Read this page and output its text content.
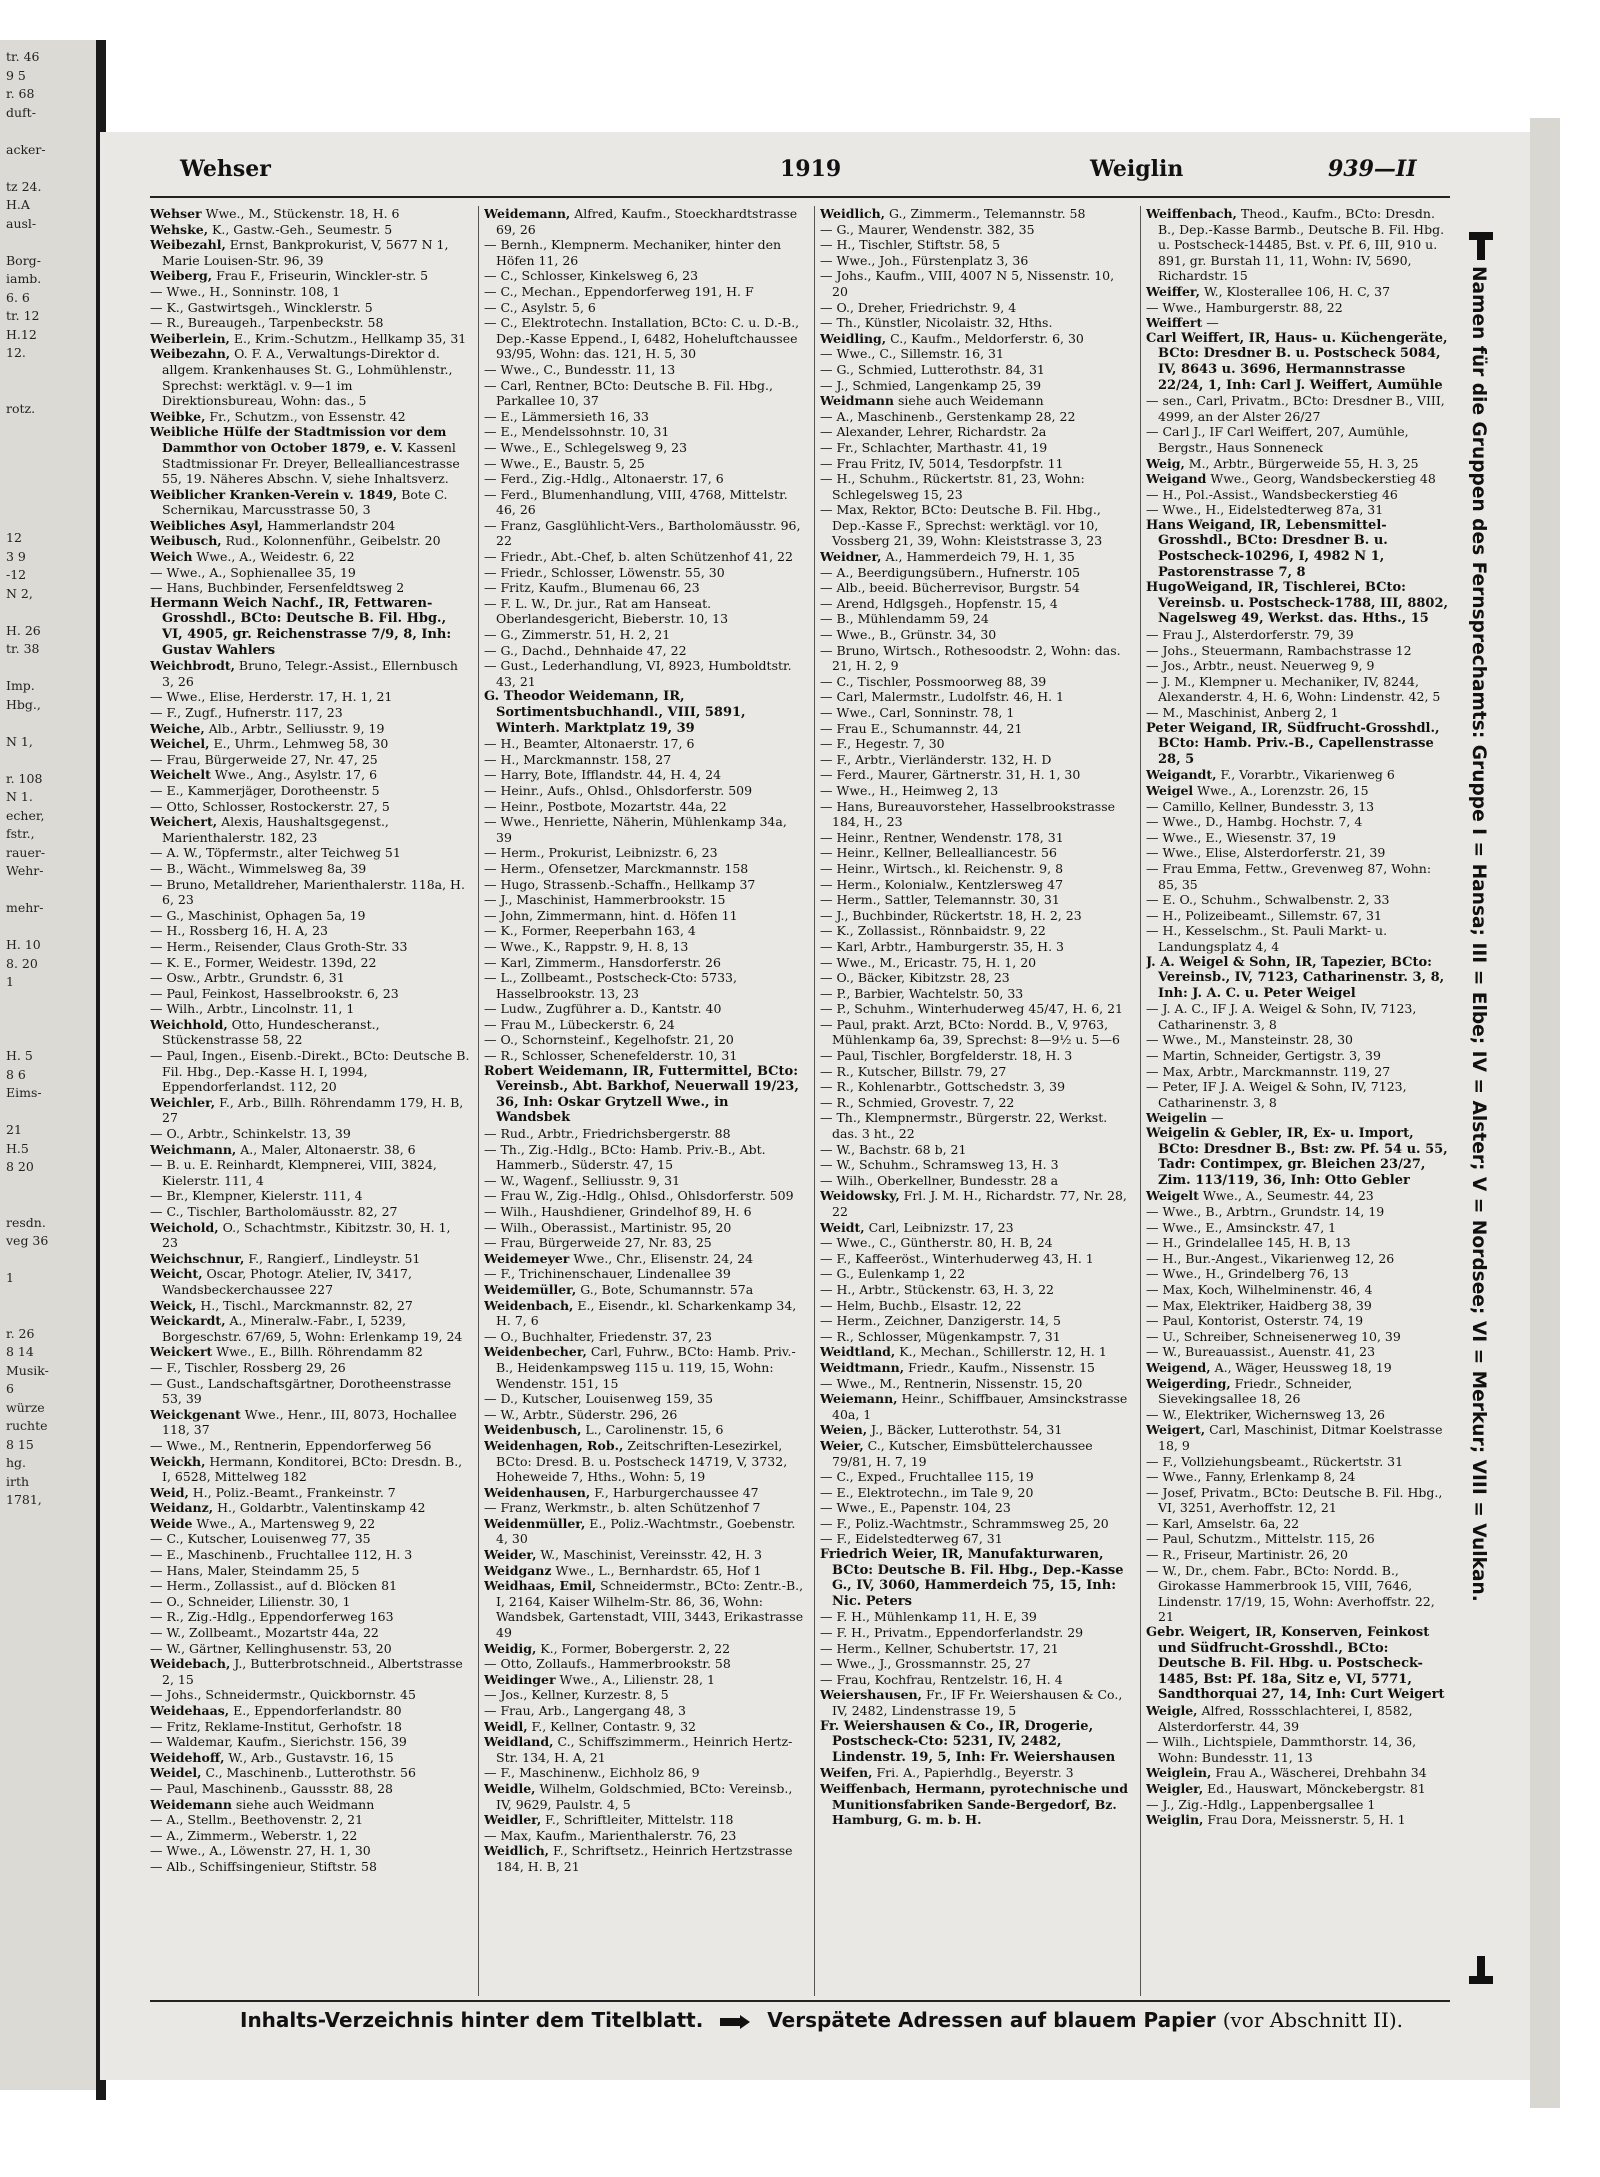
tr. 46
9 5
r. 68
duft-

acker-

tz 24.
H.A
ausl-

Borg-
iamb.
6. 6
tr. 12
H.12
12.

rotz.

12
3 9
-12
N 2,

H. 26
tr. 38

Imp.
Hbg.,

N 1,

r. 108
N 1.
echer,
fstr.,
rauer-
Wehr-

mehr-

H. 10
8. 20
1

H. 5
8 6
Eims-

21
H.5
8 20

resdn.
veg 36

1

r. 26
8 14
Musik-
6
würze
ruchte
8 15
hg.
irth
1781,

Wehser	1919	Weiglin	939—II

Wehser Wwe., M., Stückenstr. 18, H. 6

Wehske, K., Gastw.-Geh., Seumestr. 5

Weibezahl, Ernst, Bankprokurist, V, 5677 N 1, Marie Louisen-Str. 96, 39

Weiberg, Frau F., Friseurin, Winckler-str. 5

— Wwe., H., Sonninstr. 108, 1

— K., Gastwirtsgeh., Wincklerstr. 5

— R., Bureaugeh., Tarpenbeckstr. 58

Weiberlein, E., Krim.-Schutzm., Hellkamp 35, 31

Weibezahn, O. F. A., Verwaltungs-Direktor d. allgem. Krankenhauses St. G., Lohmühlenstr., Sprechst: werktägl. v. 9—1 im Direktionsbureau, Wohn: das., 5

Weibke, Fr., Schutzm., von Essenstr. 42

Weibliche Hülfe der Stadtmission vor dem Dammthor von October 1879, e. V. Kassenl Stadtmissionar Fr. Dreyer, Bellealliancestrasse 55, 19. Näheres Abschn. V, siehe Inhaltsverz.

Weiblicher Kranken-Verein v. 1849, Bote C. Schernikau, Marcusstrasse 50, 3

Weibliches Asyl, Hammerlandstr 204

Weibusch, Rud., Kolonnenführ., Geibelstr. 20

Weich Wwe., A., Weidestr. 6, 22

— Wwe., A., Sophienallee 35, 19

— Hans, Buchbinder, Fersenfeldtsweg 2

Hermann Weich Nachf., IR, Fettwaren-Grosshdl., BCto: Deutsche B. Fil. Hbg., VI, 4905, gr. Reichenstrasse 7/9, 8, Inh: Gustav Wahlers

Weichbrodt, Bruno, Telegr.-Assist., Ellernbusch 3, 26

— Wwe., Elise, Herderstr. 17, H. 1, 21

— F., Zugf., Hufnerstr. 117, 23

Weiche, Alb., Arbtr., Selliusstr. 9, 19

Weichel, E., Uhrm., Lehmweg 58, 30

— Frau, Bürgerweide 27, Nr. 47, 25

Weichelt Wwe., Ang., Asylstr. 17, 6

— E., Kammerjäger, Dorotheenstr. 5

— Otto, Schlosser, Rostockerstr. 27, 5

Weichert, Alexis, Haushaltsgegenst., Marienthalerstr. 182, 23

— A. W., Töpfermstr., alter Teichweg 51

— B., Wächt., Wimmelsweg 8a, 39

— Bruno, Metalldreher, Marienthalerstr. 118a, H. 6, 23

— G., Maschinist, Ophagen 5a, 19

— H., Rossberg 16, H. A, 23

— Herm., Reisender, Claus Groth-Str. 33

— K. E., Former, Weidestr. 139d, 22

— Osw., Arbtr., Grundstr. 6, 31

— Paul, Feinkost, Hasselbrookstr. 6, 23

— Wilh., Arbtr., Lincolnstr. 11, 1

Weichhold, Otto, Hundescheranst., Stückenstrasse 58, 22

— Paul, Ingen., Eisenb.-Direkt., BCto: Deutsche B. Fil. Hbg., Dep.-Kasse H. I, 1994, Eppendorferlandst. 112, 20

Weichler, F., Arb., Billh. Röhrendamm 179, H. B, 27

— O., Arbtr., Schinkelstr. 13, 39

Weichmann, A., Maler, Altonaerstr. 38, 6

— B. u. E. Reinhardt, Klempnerei, VIII, 3824, Kielerstr. 111, 4

— Br., Klempner, Kielerstr. 111, 4

— C., Tischler, Bartholomäusstr. 82, 27

Weichold, O., Schachtmstr., Kibitzstr. 30, H. 1, 23

Weichschnur, F., Rangierf., Lindleystr. 51

Weicht, Oscar, Photogr. Atelier, IV, 3417, Wandsbeckerchaussee 227

Weick, H., Tischl., Marckmannstr. 82, 27

Weickardt, A., Mineralw.-Fabr., I, 5239, Borgeschstr. 67/69, 5, Wohn: Erlenkamp 19, 24

Weickert Wwe., E., Billh. Röhrendamm 82

— F., Tischler, Rossberg 29, 26

— Gust., Landschaftsgärtner, Dorotheenstrasse 53, 39

Weickgenant Wwe., Henr., III, 8073, Hochallee 118, 37

— Wwe., M., Rentnerin, Eppendorferweg 56

Weickh, Hermann, Konditorei, BCto: Dresdn. B., I, 6528, Mittelweg 182

Weid, H., Poliz.-Beamt., Frankeinstr. 7

Weidanz, H., Goldarbtr., Valentinskamp 42

Weide Wwe., A., Martensweg 9, 22

— C., Kutscher, Louisenweg 77, 35

— E., Maschinenb., Fruchtallee 112, H. 3

— Hans, Maler, Steindamm 25, 5

— Herm., Zollassist., auf d. Blöcken 81

— O., Schneider, Lilienstr. 30, 1

— R., Zig.-Hdlg., Eppendorferweg 163

— W., Zollbeamt., Mozartstr 44a, 22

— W., Gärtner, Kellinghusenstr. 53, 20

Weidebach, J., Butterbrotschneid., Albertstrasse 2, 15

— Johs., Schneidermstr., Quickbornstr. 45

Weidehaas, E., Eppendorferlandstr. 80

— Fritz, Reklame-Institut, Gerhofstr. 18

— Waldemar, Kaufm., Sierichstr. 156, 39

Weidehoff, W., Arb., Gustavstr. 16, 15

Weidel, C., Maschinenb., Lutterothstr. 56

— Paul, Maschinenb., Gaussstr. 88, 28

Weidemann siehe auch Weidmann

— A., Stellm., Beethovenstr. 2, 21

— A., Zimmerm., Weberstr. 1, 22

— Wwe., A., Löwenstr. 27, H. 1, 30

— Alb., Schiffsingenieur, Stiftstr. 58

Weidemann, Alfred, Kaufm., Stoeckhardtstrasse 69, 26

— Bernh., Klempnerm. Mechaniker, hinter den Höfen 11, 26

— C., Schlosser, Kinkelsweg 6, 23

— C., Mechan., Eppendorferweg 191, H. F

— C., Asylstr. 5, 6

— C., Elektrotechn. Installation, BCto: C. u. D.-B., Dep.-Kasse Eppend., I, 6482, Hoheluftchaussee 93/95, Wohn: das. 121, H. 5, 30

— Wwe., C., Bundesstr. 11, 13

— Carl, Rentner, BCto: Deutsche B. Fil. Hbg., Parkallee 10, 37

— E., Lämmersieth 16, 33

— E., Mendelssohnstr. 10, 31

— Wwe., E., Schlegelsweg 9, 23

— Wwe., E., Baustr. 5, 25

— Ferd., Zig.-Hdlg., Altonaerstr. 17, 6

— Ferd., Blumenhandlung, VIII, 4768, Mittelstr. 46, 26

— Franz, Gasglühlicht-Vers., Bartholomäusstr. 96, 22

— Friedr., Abt.-Chef, b. alten Schützenhof 41, 22

— Friedr., Schlosser, Löwenstr. 55, 30

— Fritz, Kaufm., Blumenau 66, 23

— F. L. W., Dr. jur., Rat am Hanseat. Oberlandesgericht, Bieberstr. 10, 13

— G., Zimmerstr. 51, H. 2, 21

— G., Dachd., Dehnhaide 47, 22

— Gust., Lederhandlung, VI, 8923, Humboldtstr. 43, 21

G. Theodor Weidemann, IR, Sortimentsbuchhandl., VIII, 5891, Winterh. Marktplatz 19, 39

— H., Beamter, Altonaerstr. 17, 6

— H., Marckmannstr. 158, 27

— Harry, Bote, Ifflandstr. 44, H. 4, 24

— Heinr., Aufs., Ohlsd., Ohlsdorferstr. 509

— Heinr., Postbote, Mozartstr. 44a, 22

— Wwe., Henriette, Näherin, Mühlenkamp 34a, 39

— Herm., Prokurist, Leibnizstr. 6, 23

— Herm., Ofensetzer, Marckmannstr. 158

— Hugo, Strassenb.-Schaffn., Hellkamp 37

— J., Maschinist, Hammerbrookstr. 15

— John, Zimmermann, hint. d. Höfen 11

— K., Former, Reeperbahn 163, 4

— Wwe., K., Rappstr. 9, H. 8, 13

— Karl, Zimmerm., Hansdorferstr. 26

— L., Zollbeamt., Postscheck-Cto: 5733, Hasselbrookstr. 13, 23

— Ludw., Zugführer a. D., Kantstr. 40

— Frau M., Lübeckerstr. 6, 24

— O., Schornsteinf., Kegelhofstr. 21, 20

— R., Schlosser, Schenefelderstr. 10, 31

Robert Weidemann, IR, Futtermittel, BCto: Vereinsb., Abt. Barkhof, Neuerwall 19/23, 36, Inh: Oskar Grytzell Wwe., in Wandsbek

— Rud., Arbtr., Friedrichsbergerstr. 88

— Th., Zig.-Hdlg., BCto: Hamb. Priv.-B., Abt. Hammerb., Süderstr. 47, 15

— W., Wagenf., Selliusstr. 9, 31

— Frau W., Zig.-Hdlg., Ohlsd., Ohlsdorferstr. 509

— Wilh., Haushdiener, Grindelhof 89, H. 6

— Wilh., Oberassist., Martinistr. 95, 20

— Frau, Bürgerweide 27, Nr. 83, 25

Weidemeyer Wwe., Chr., Elisenstr. 24, 24

— F., Trichinenschauer, Lindenallee 39

Weidemüller, G., Bote, Schumannstr. 57a

Weidenbach, E., Eisendr., kl. Scharkenkamp 34, H. 7, 6

— O., Buchhalter, Friedenstr. 37, 23

Weidenbecher, Carl, Fuhrw., BCto: Hamb. Priv.-B., Heidenkampsweg 115 u. 119, 15, Wohn: Wendenstr. 151, 15

— D., Kutscher, Louisenweg 159, 35

— W., Arbtr., Süderstr. 296, 26

Weidenbusch, L., Carolinenstr. 15, 6

Weidenhagen, Rob., Zeitschriften-Lesezirkel, BCto: Dresd. B. u. Postscheck 14719, V, 3732, Hoheweide 7, Hths., Wohn: 5, 19

Weidenhausen, F., Harburgerchaussee 47

— Franz, Werkmstr., b. alten Schützenhof 7

Weidenmüller, E., Poliz.-Wachtmstr., Goebenstr. 4, 30

Weider, W., Maschinist, Vereinsstr. 42, H. 3

Weidganz Wwe., L., Bernhardstr. 65, Hof 1

Weidhaas, Emil, Schneidermstr., BCto: Zentr.-B., I, 2164, Kaiser Wilhelm-Str. 86, 36, Wohn: Wandsbek, Gartenstadt, VIII, 3443, Erikastrasse 49

Weidig, K., Former, Bobergerstr. 2, 22

— Otto, Zollaufs., Hammerbrookstr. 58

Weidinger Wwe., A., Lilienstr. 28, 1

— Jos., Kellner, Kurzestr. 8, 5

— Frau, Arb., Langergang 48, 3

Weidl, F., Kellner, Contastr. 9, 32

Weidland, C., Schiffszimmerm., Heinrich Hertz-Str. 134, H. A, 21

— F., Maschinenw., Eichholz 86, 9

Weidle, Wilhelm, Goldschmied, BCto: Vereinsb., IV, 9629, Paulstr. 4, 5

Weidler, F., Schriftleiter, Mittelstr. 118

— Max, Kaufm., Marienthalerstr. 76, 23

Weidlich, F., Schriftsetz., Heinrich Hertzstrasse 184, H. B, 21

Weidlich, G., Zimmerm., Telemannstr. 58

— G., Maurer, Wendenstr. 382, 35

— H., Tischler, Stiftstr. 58, 5

— Wwe., Joh., Fürstenplatz 3, 36

— Johs., Kaufm., VIII, 4007 N 5, Nissenstr. 10, 20

— O., Dreher, Friedrichstr. 9, 4

— Th., Künstler, Nicolaistr. 32, Hths.

Weidling, C., Kaufm., Meldorferstr. 6, 30

— Wwe., C., Sillemstr. 16, 31

— G., Schmied, Lutterothstr. 84, 31

— J., Schmied, Langenkamp 25, 39

Weidmann siehe auch Weidemann

— A., Maschinenb., Gerstenkamp 28, 22

— Alexander, Lehrer, Richardstr. 2a

— Fr., Schlachter, Marthastr. 41, 19

— Frau Fritz, IV, 5014, Tesdorpfstr. 11

— H., Schuhm., Rückertstr. 81, 23, Wohn: Schlegelsweg 15, 23

— Max, Rektor, BCto: Deutsche B. Fil. Hbg., Dep.-Kasse F., Sprechst: werktägl. vor 10, Vossberg 21, 39, Wohn: Kleiststrasse 3, 23

Weidner, A., Hammerdeich 79, H. 1, 35

— A., Beerdigungsübern., Hufnerstr. 105

— Alb., beeid. Bücherrevisor, Burgstr. 54

— Arend, Hdlgsgeh., Hopfenstr. 15, 4

— B., Mühlendamm 59, 24

— Wwe., B., Grünstr. 34, 30

— Bruno, Wirtsch., Rothesoodstr. 2, Wohn: das. 21, H. 2, 9

— C., Tischler, Possmoorweg 88, 39

— Carl, Malermstr., Ludolfstr. 46, H. 1

— Wwe., Carl, Sonninstr. 78, 1

— Frau E., Schumannstr. 44, 21

— F., Hegestr. 7, 30

— F., Arbtr., Vierländerstr. 132, H. D

— Ferd., Maurer, Gärtnerstr. 31, H. 1, 30

— Wwe., H., Heimweg 2, 13

— Hans, Bureauvorsteher, Hasselbrookstrasse 184, H., 23

— Heinr., Rentner, Wendenstr. 178, 31

— Heinr., Kellner, Bellealliancestr. 56

— Heinr., Wirtsch., kl. Reichenstr. 9, 8

— Herm., Kolonialw., Kentzlersweg 47

— Herm., Sattler, Telemannstr. 30, 31

— J., Buchbinder, Rückertstr. 18, H. 2, 23

— K., Zollassist., Rönnbaidstr. 9, 22

— Karl, Arbtr., Hamburgerstr. 35, H. 3

— Wwe., M., Ericastr. 75, H. 1, 20

— O., Bäcker, Kibitzstr. 28, 23

— P., Barbier, Wachtelstr. 50, 33

— P., Schuhm., Winterhuderweg 45/47, H. 6, 21

— Paul, prakt. Arzt, BCto: Nordd. B., V, 9763, Mühlenkamp 6a, 39, Sprechst: 8—9½ u. 5—6

— Paul, Tischler, Borgfelderstr. 18, H. 3

— R., Kutscher, Billstr. 79, 27

— R., Kohlenarbtr., Gottschedstr. 3, 39

— R., Schmied, Grovestr. 7, 22

— Th., Klempnermstr., Bürgerstr. 22, Werkst. das. 3 ht., 22

— W., Bachstr. 68 b, 21

— W., Schuhm., Schramsweg 13, H. 3

— Wilh., Oberkellner, Bundesstr. 28 a

Weidowsky, Frl. J. M. H., Richardstr. 77, Nr. 28, 22

Weidt, Carl, Leibnizstr. 17, 23

— Wwe., C., Güntherstr. 80, H. B, 24

— F., Kaffeeröst., Winterhuderweg 43, H. 1

— G., Eulenkamp 1, 22

— H., Arbtr., Stückenstr. 63, H. 3, 22

— Helm, Buchb., Elsastr. 12, 22

— Herm., Zeichner, Danzigerstr. 14, 5

— R., Schlosser, Mügenkampstr. 7, 31

Weidtland, K., Mechan., Schillerstr. 12, H. 1

Weidtmann, Friedr., Kaufm., Nissenstr. 15

— Wwe., M., Rentnerin, Nissenstr. 15, 20

Weiemann, Heinr., Schiffbauer, Amsinckstrasse 40a, 1

Weien, J., Bäcker, Lutterothstr. 54, 31

Weier, C., Kutscher, Eimsbüttelerchaussee 79/81, H. 7, 19

— C., Exped., Fruchtallee 115, 19

— E., Elektrotechn., im Tale 9, 20

— Wwe., E., Papenstr. 104, 23

— F., Poliz.-Wachtmstr., Schrammsweg 25, 20

— F., Eidelstedterweg 67, 31

Friedrich Weier, IR, Manufakturwaren, BCto: Deutsche B. Fil. Hbg., Dep.-Kasse G., IV, 3060, Hammerdeich 75, 15, Inh: Nic. Peters

— F. H., Mühlenkamp 11, H. E, 39

— F. H., Privatm., Eppendorferlandstr. 29

— Herm., Kellner, Schubertstr. 17, 21

— Wwe., J., Grossmannstr. 25, 27

— Frau, Kochfrau, Rentzelstr. 16, H. 4

Weiershausen, Fr., IF Fr. Weiershausen & Co., IV, 2482, Lindenstrasse 19, 5

Fr. Weiershausen & Co., IR, Drogerie, Postscheck-Cto: 5231, IV, 2482, Lindenstr. 19, 5, Inh: Fr. Weiershausen

Weifen, Fri. A., Papierhdlg., Beyerstr. 3

Weiffenbach, Hermann, pyrotechnische und Munitionsfabriken Sande-Bergedorf, Bz. Hamburg, G. m. b. H.

Weiffenbach, Theod., Kaufm., BCto: Dresdn. B., Dep.-Kasse Barmb., Deutsche B. Fil. Hbg. u. Postscheck-14485, Bst. v. Pf. 6, III, 910 u. 891, gr. Burstah 11, 11, Wohn: IV, 5690, Richardstr. 15

Weiffer, W., Klosterallee 106, H. C, 37

— Wwe., Hamburgerstr. 88, 22

Weiffert —

Carl Weiffert, IR, Haus- u. Küchengeräte, BCto: Dresdner B. u. Postscheck 5084, IV, 8643 u. 3696, Hermannstrasse 22/24, 1, Inh: Carl J. Weiffert, Aumühle

— sen., Carl, Privatm., BCto: Dresdner B., VIII, 4999, an der Alster 26/27

— Carl J., IF Carl Weiffert, 207, Aumühle, Bergstr., Haus Sonneneck

Weig, M., Arbtr., Bürgerweide 55, H. 3, 25

Weigand Wwe., Georg, Wandsbeckerstieg 48

— H., Pol.-Assist., Wandsbeckerstieg 46

— Wwe., H., Eidelstedterweg 87a, 31

Hans Weigand, IR, Lebensmittel-Grosshdl., BCto: Dresdner B. u. Postscheck-10296, I, 4982 N 1, Pastorenstrasse 7, 8

HugoWeigand, IR, Tischlerei, BCto: Vereinsb. u. Postscheck-1788, III, 8802, Nagelsweg 49, Werkst. das. Hths., 15

— Frau J., Alsterdorferstr. 79, 39

— Johs., Steuermann, Rambachstrasse 12

— Jos., Arbtr., neust. Neuerweg 9, 9

— J. M., Klempner u. Mechaniker, IV, 8244, Alexanderstr. 4, H. 6, Wohn: Lindenstr. 42, 5

— M., Maschinist, Anberg 2, 1

Peter Weigand, IR, Südfrucht-Grosshdl., BCto: Hamb. Priv.-B., Capellenstrasse 28, 5

Weigandt, F., Vorarbtr., Vikarienweg 6

Weigel Wwe., A., Lorenzstr. 26, 15

— Camillo, Kellner, Bundesstr. 3, 13

— Wwe., D., Hambg. Hochstr. 7, 4

— Wwe., E., Wiesenstr. 37, 19

— Wwe., Elise, Alsterdorferstr. 21, 39

— Frau Emma, Fettw., Grevenweg 87, Wohn: 85, 35

— E. O., Schuhm., Schwalbenstr. 2, 33

— H., Polizeibeamt., Sillemstr. 67, 31

— H., Kesselschm., St. Pauli Markt- u. Landungsplatz 4, 4

J. A. Weigel & Sohn, IR, Tapezier, BCto: Vereinsb., IV, 7123, Catharinenstr. 3, 8, Inh: J. A. C. u. Peter Weigel

— J. A. C., IF J. A. Weigel & Sohn, IV, 7123, Catharinenstr. 3, 8

— Wwe., M., Mansteinstr. 28, 30

— Martin, Schneider, Gertigstr. 3, 39

— Max, Arbtr., Marckmannstr. 119, 27

— Peter, IF J. A. Weigel & Sohn, IV, 7123, Catharinenstr. 3, 8

Weigelin —

Weigelin & Gebler, IR, Ex- u. Import, BCto: Dresdner B., Bst: zw. Pf. 54 u. 55, Tadr: Contimpex, gr. Bleichen 23/27, Zim. 113/119, 36, Inh: Otto Gebler

Weigelt Wwe., A., Seumestr. 44, 23

— Wwe., B., Arbtrn., Grundstr. 14, 19

— Wwe., E., Amsinckstr. 47, 1

— H., Grindelallee 145, H. B, 13

— H., Bur.-Angest., Vikarienweg 12, 26

— Wwe., H., Grindelberg 76, 13

— Max, Koch, Wilhelminenstr. 46, 4

— Max, Elektriker, Haidberg 38, 39

— Paul, Kontorist, Osterstr. 74, 19

— U., Schreiber, Schneisenerweg 10, 39

— W., Bureauassist., Auenstr. 41, 23

Weigend, A., Wäger, Heussweg 18, 19

Weigerding, Friedr., Schneider, Sievekingsallee 18, 26

— W., Elektriker, Wichernsweg 13, 26

Weigert, Carl, Maschinist, Ditmar Koelstrasse 18, 9

— F., Vollziehungsbeamt., Rückertstr. 31

— Wwe., Fanny, Erlenkamp 8, 24

— Josef, Privatm., BCto: Deutsche B. Fil. Hbg., VI, 3251, Averhoffstr. 12, 21

— Karl, Amselstr. 6a, 22

— Paul, Schutzm., Mittelstr. 115, 26

— R., Friseur, Martinistr. 26, 20

— W., Dr., chem. Fabr., BCto: Nordd. B., Girokasse Hammerbrook 15, VIII, 7646, Lindenstr. 17/19, 15, Wohn: Averhoffstr. 22, 21

Gebr. Weigert, IR, Konserven, Feinkost und Südfrucht-Grosshdl., BCto: Deutsche B. Fil. Hbg. u. Postscheck-1485, Bst: Pf. 18a, Sitz e, VI, 5771, Sandthorquai 27, 14, Inh: Curt Weigert

Weigle, Alfred, Rossschlachterei, I, 8582, Alsterdorferstr. 44, 39

— Wilh., Lichtspiele, Dammthorstr. 14, 36, Wohn: Bundesstr. 11, 13

Weiglein, Frau A., Wäscherei, Drehbahn 34

Weigler, Ed., Hauswart, Mönckebergstr. 81

— J., Zig.-Hdlg., Lappenbergsallee 1

Weiglin, Frau Dora, Meissnerstr. 5, H. 1

Namen für die Gruppen des Fernsprechamts: Gruppe I = Hansa; III = Elbe; IV = Alster; V = Nordsee; VI = Merkur; VIII = Vulkan.
Inhalts-Verzeichnis hinter dem Titelblatt.	Verspätete Adressen auf blauem Papier (vor Abschnitt II).
